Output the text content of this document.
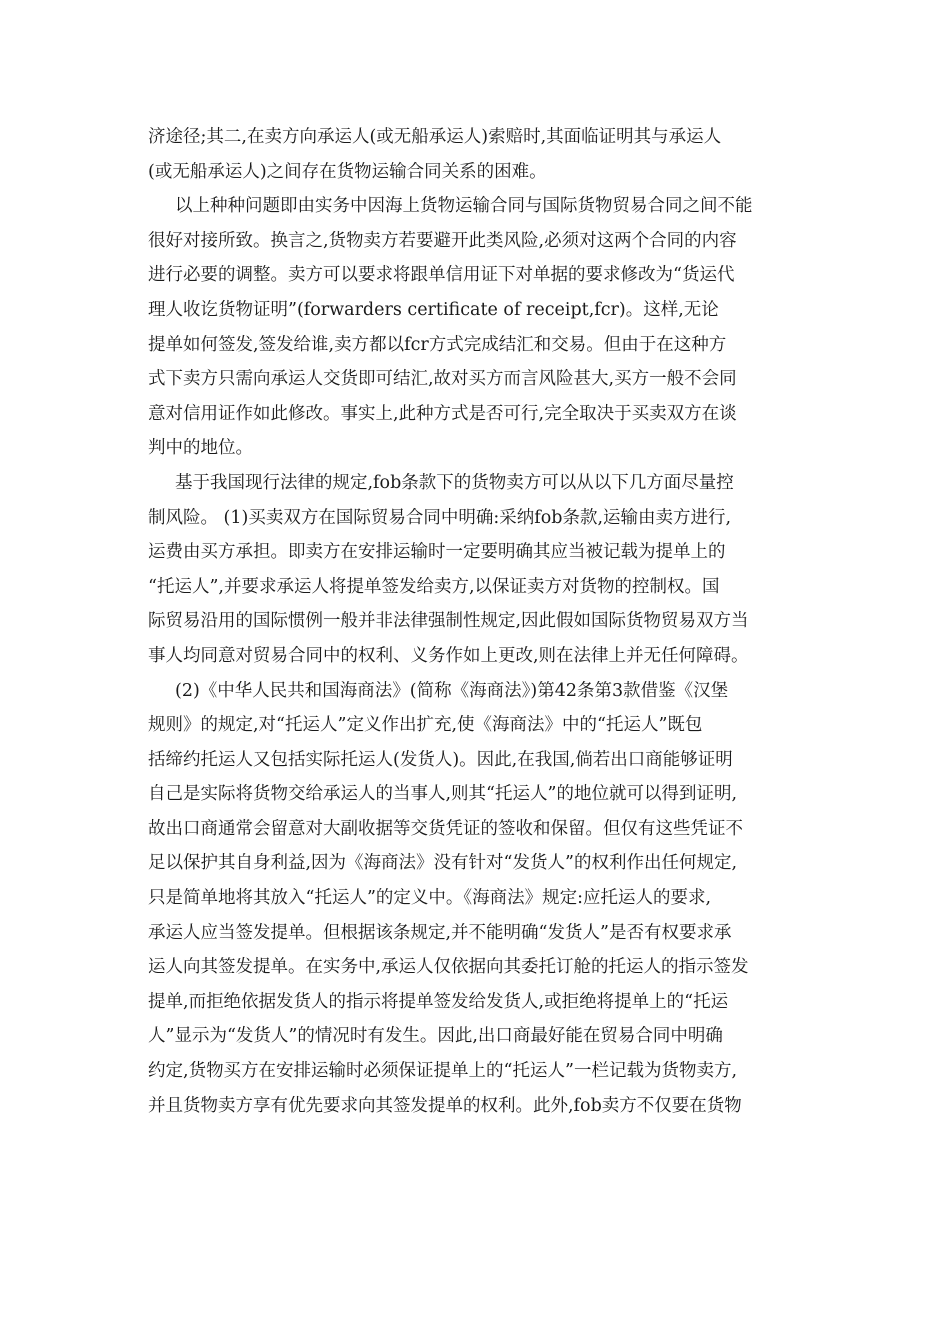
济途径;其二,在卖方向承运人(或无船承运人)索赔时,其面临证明其与承运人
(或无船承运人)之间存在货物运输合同关系的困难。
以上种种问题即由实务中因海上货物运输合同与国际货物贸易合同之间不能
很好对接所致。换言之,货物卖方若要避开此类风险,必须对这两个合同的内容
进行必要的调整。卖方可以要求将跟单信用证下对单据的要求修改为“货运代
理人收讫货物证明”(forwarders certificate of receipt,fcr)。这样,无论
提单如何签发,签发给谁,卖方都以fcr方式完成结汇和交易。但由于在这种方
式下卖方只需向承运人交货即可结汇,故对买方而言风险甚大,买方一般不会同
意对信用证作如此修改。事实上,此种方式是否可行,完全取决于买卖双方在谈
判中的地位。
基于我国现行法律的规定,fob条款下的货物卖方可以从以下几方面尽量控
制风险。 (1)买卖双方在国际贸易合同中明确:采纳fob条款,运输由卖方进行,
运费由买方承担。即卖方在安排运输时一定要明确其应当被记载为提单上的
“托运人”,并要求承运人将提单签发给卖方,以保证卖方对货物的控制权。国
际贸易沿用的国际惯例一般并非法律强制性规定,因此假如国际货物贸易双方当
事人均同意对贸易合同中的权利、义务作如上更改,则在法律上并无任何障碍。
(2)《中华人民共和国海商法》(简称《海商法》)第42条第3款借鉴《汉堡
规则》的规定,对“托运人”定义作出扩充,使《海商法》中的“托运人”既包
括缔约托运人又包括实际托运人(发货人)。因此,在我国,倘若出口商能够证明
自己是实际将货物交给承运人的当事人,则其“托运人”的地位就可以得到证明,
故出口商通常会留意对大副收据等交货凭证的签收和保留。但仅有这些凭证不
足以保护其自身利益,因为《海商法》没有针对“发货人”的权利作出任何规定,
只是简单地将其放入“托运人”的定义中。《海商法》规定:应托运人的要求,
承运人应当签发提单。但根据该条规定,并不能明确“发货人”是否有权要求承
运人向其签发提单。在实务中,承运人仅依据向其委托订舱的托运人的指示签发
提单,而拒绝依据发货人的指示将提单签发给发货人,或拒绝将提单上的“托运
人”显示为“发货人”的情况时有发生。因此,出口商最好能在贸易合同中明确
约定,货物买方在安排运输时必须保证提单上的“托运人”一栏记载为货物卖方,
并且货物卖方享有优先要求向其签发提单的权利。此外,fob卖方不仅要在货物
